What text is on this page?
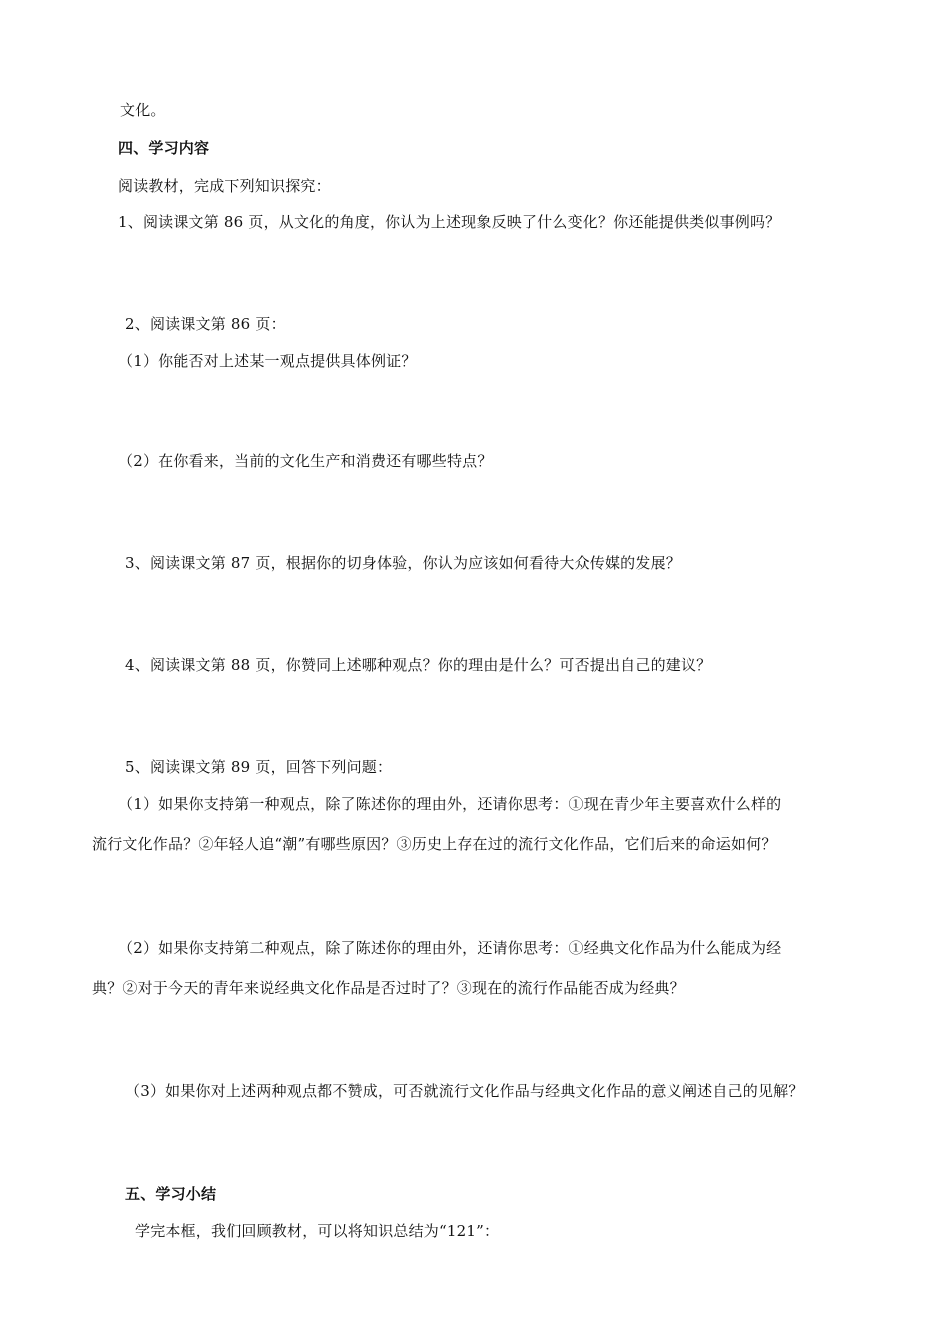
文化。
四、学习内容
阅读教材，完成下列知识探究：
1、阅读课文第 86 页，从文化的角度，你认为上述现象反映了什么变化？你还能提供类似事例吗？
2、阅读课文第 86 页：
（1）你能否对上述某一观点提供具体例证？
（2）在你看来，当前的文化生产和消费还有哪些特点？
3、阅读课文第 87 页，根据你的切身体验，你认为应该如何看待大众传媒的发展？
4、阅读课文第 88 页，你赞同上述哪种观点？你的理由是什么？可否提出自己的建议？
5、阅读课文第 89 页，回答下列问题：
（1）如果你支持第一种观点，除了陈述你的理由外，还请你思考：①现在青少年主要喜欢什么样的
流行文化作品？②年轻人追“潮”有哪些原因？③历史上存在过的流行文化作品，它们后来的命运如何？
（2）如果你支持第二种观点，除了陈述你的理由外，还请你思考：①经典文化作品为什么能成为经
典？②对于今天的青年来说经典文化作品是否过时了？③现在的流行作品能否成为经典？
（3）如果你对上述两种观点都不赞成，可否就流行文化作品与经典文化作品的意义阐述自己的见解？
五、学习小结
学完本框，我们回顾教材，可以将知识总结为“121”：
